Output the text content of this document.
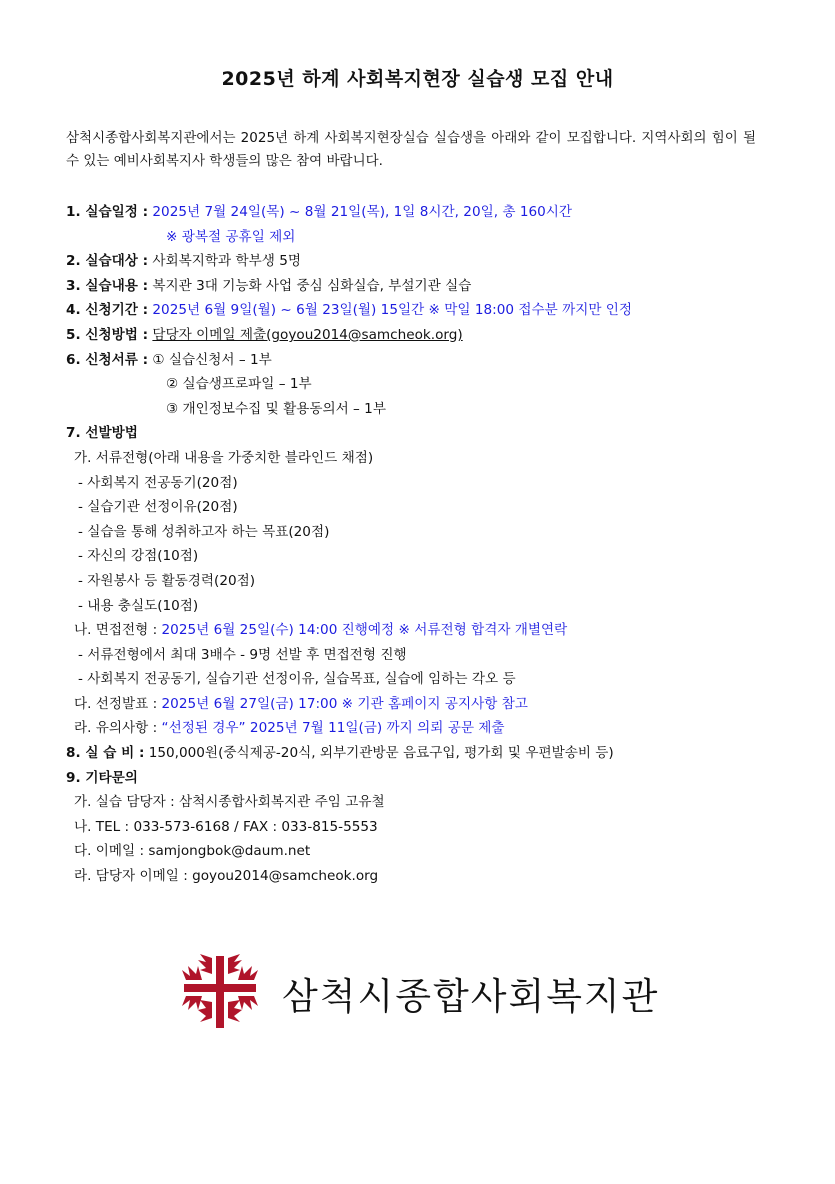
2025년 하계 사회복지현장 실습생 모집 안내
삼척시종합사회복지관에서는 2025년 하계 사회복지현장실습 실습생을 아래와 같이 모집합니다. 지역사회의 힘이 될 수 있는 예비사회복지사 학생들의 많은 참여 바랍니다.
1. 실습일정 : 2025년 7월 24일(목) ~ 8월 21일(목), 1일 8시간, 20일, 총 160시간
※ 광복절 공휴일 제외
2. 실습대상 : 사회복지학과 학부생 5명
3. 실습내용 : 복지관 3대 기능화 사업 중심 심화실습, 부설기관 실습
4. 신청기간 : 2025년 6월 9일(월) ~ 6월 23일(월) 15일간 ※ 막일 18:00 접수분 까지만 인정
5. 신청방법 : 담당자 이메일 제출(goyou2014@samcheok.org)
6. 신청서류 : ① 실습신청서 – 1부
② 실습생프로파일 – 1부
③ 개인정보수집 및 활용동의서 – 1부
7. 선발방법
가. 서류전형(아래 내용을 가중치한 블라인드 채점)
- 사회복지 전공동기(20점)
- 실습기관 선정이유(20점)
- 실습을 통해 성취하고자 하는 목표(20점)
- 자신의 강점(10점)
- 자원봉사 등 활동경력(20점)
- 내용 충실도(10점)
나. 면접전형 : 2025년 6월 25일(수) 14:00 진행예정 ※ 서류전형 합격자 개별연락
- 서류전형에서 최대 3배수 - 9명 선발 후 면접전형 진행
- 사회복지 전공동기, 실습기관 선정이유, 실습목표, 실습에 임하는 각오 등
다. 선정발표 : 2025년 6월 27일(금) 17:00 ※ 기관 홈페이지 공지사항 참고
라. 유의사항 : “선정된 경우” 2025년 7월 11일(금) 까지 의뢰 공문 제출
8. 실 습 비 : 150,000원(중식제공-20식, 외부기관방문 음료구입, 평가회 및 우편발송비 등)
9. 기타문의
가. 실습 담당자 : 삼척시종합사회복지관 주임 고유철
나. TEL : 033-573-6168 / FAX : 033-815-5553
다. 이메일 : samjongbok@daum.net
라. 담당자 이메일 : goyou2014@samcheok.org
삼척시종합사회복지관
